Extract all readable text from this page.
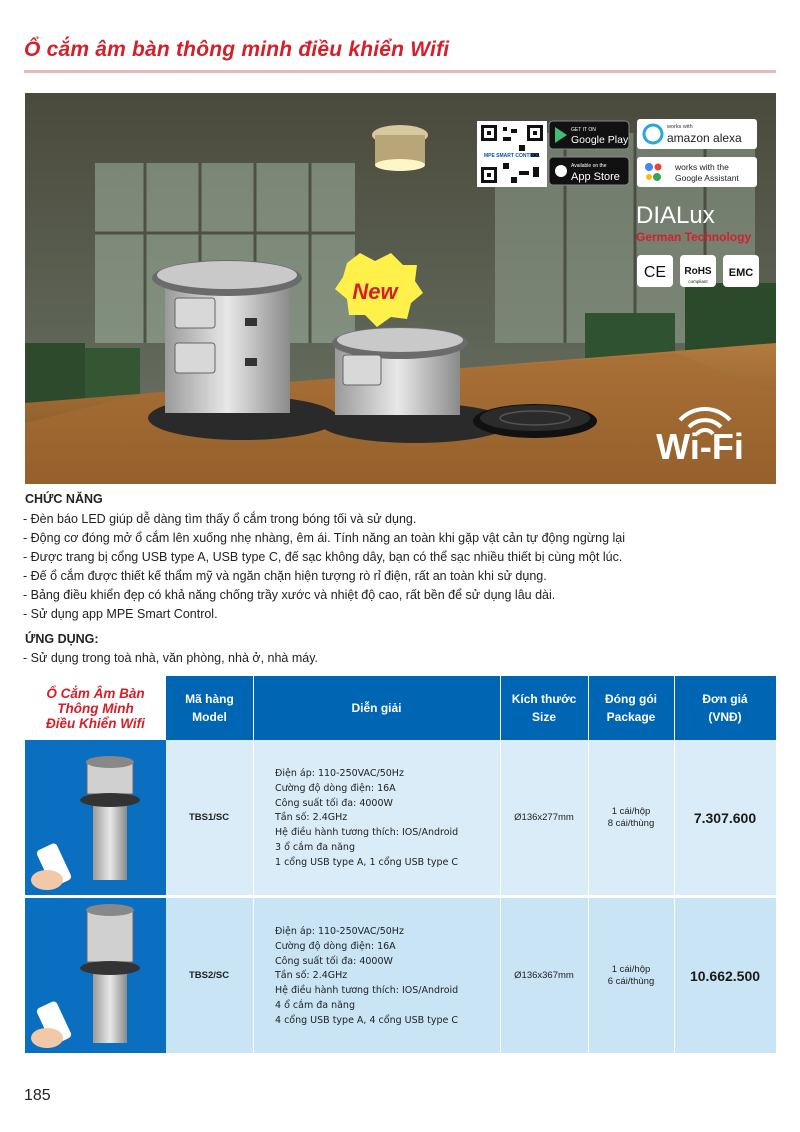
Ổ cắm âm bàn thông minh điều khiển Wifi
New
MPE SMART CONTROL
GET IT ON
Google Play
Available on the
App Store
works with
amazon alexa
works with the
Google Assistant
DIALux
German Technology
CE RoHS
compliant
EMC
Wi-Fi
CHỨC NĂNG
- Đèn báo LED giúp dễ dàng tìm thấy ổ cắm trong bóng tối và sử dụng.
- Động cơ đóng mở ổ cắm lên xuống nhẹ nhàng, êm ái. Tính năng an toàn khi gặp vật cản tự động ngừng lại
- Được trang bị cổng USB type A, USB type C, đế sạc không dây, bạn có thể sạc nhiều thiết bị cùng một lúc.
- Đế ổ cắm được thiết kế thẩm mỹ và ngăn chặn hiện tượng rò rỉ điện, rất an toàn khi sử dụng.
- Bảng điều khiển đẹp có khả năng chống trầy xước và nhiệt độ cao, rất bền để sử dụng lâu dài.
- Sử dụng app MPE Smart Control.
ỨNG DỤNG:
- Sử dụng trong toà nhà, văn phòng, nhà ở, nhà máy.
Ổ Cắm Âm Bàn
Thông Minh
Điều Khiển Wifi
Mã hàng
Model
Diễn giải
Kích thước
Size
Đóng gói
Package
Đơn giá
(VNĐ)
TBS1/SC
Điện áp: 110-250VAC/50Hz
Cường độ dòng điện: 16A
Công suất tối đa: 4000W
Tần số: 2.4GHz
Hệ điều hành tương thích: IOS/Android
3 ổ cắm đa năng
1 cổng USB type A, 1 cổng USB type C
Ø136x277mm
1 cái/hộp
8 cái/thùng	7.307.600
TBS2/SC
Điện áp: 110-250VAC/50Hz
Cường độ dòng điện: 16A
Công suất tối đa: 4000W
Tần số: 2.4GHz
Hệ điều hành tương thích: IOS/Android
4 ổ cắm đa năng
4 cổng USB type A, 4 cổng USB type C
Ø136x367mm
1 cái/hộp
6 cái/thùng	10.662.500
185
